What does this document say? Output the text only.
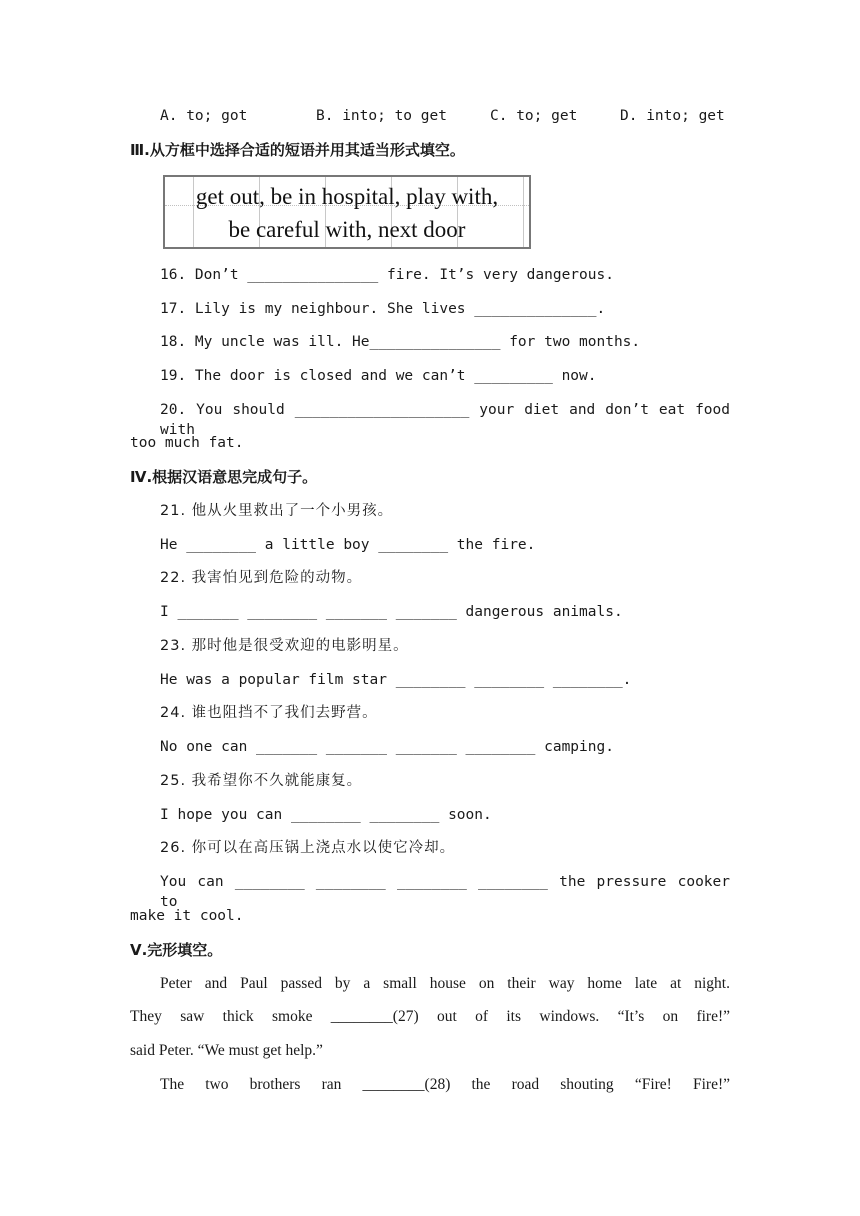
A. to; got	B. into; to get	C. to; get	D. into; get
Ⅲ.从方框中选择合适的短语并用其适当形式填空。
get out, be in hospital, play with,
be careful with, next door
16. Don’t _______________ fire. It’s very dangerous.
17. Lily is my neighbour. She lives ______________.
18. My uncle was ill. He_______________ for two months.
19. The door is closed and we can’t _________ now.
20. You should ____________________ your diet and don’t eat food with
too much fat.
Ⅳ.根据汉语意思完成句子。
21. 他从火里救出了一个小男孩。
He ________ a little boy ________ the fire.
22. 我害怕见到危险的动物。
I _______ ________ _______ _______ dangerous animals.
23. 那时他是很受欢迎的电影明星。
He was a popular film star ________ ________ ________.
24. 谁也阻挡不了我们去野营。
No one can _______ _______ _______ ________ camping.
25. 我希望你不久就能康复。
I hope you can ________ ________ soon.
26. 你可以在高压锅上浇点水以使它冷却。
You can ________ ________ ________ ________ the pressure cooker to
make it cool.
Ⅴ.完形填空。
Peter and Paul passed by a small house on their way home late at night.
They saw thick smoke ________(27) out of its windows. “It’s on fire!”
said Peter. “We must get help.”
The two brothers ran ________(28) the road shouting “Fire! Fire!”
